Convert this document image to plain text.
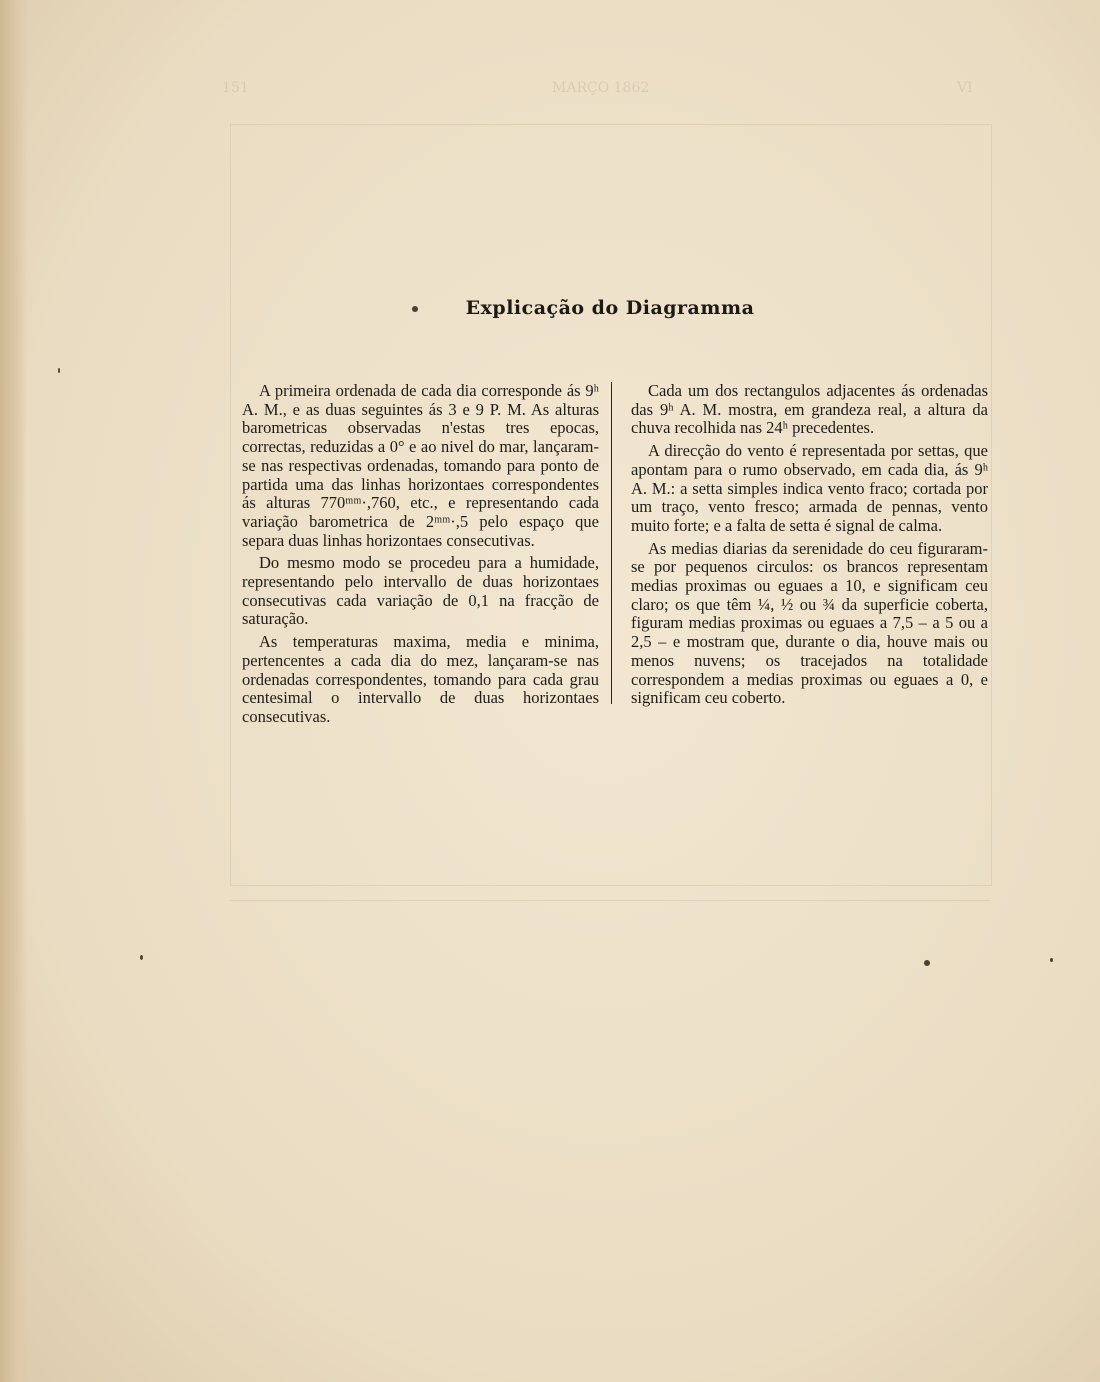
151	MARÇO 1862	VI
Explicação do Diagramma

A primeira ordenada de cada dia corresponde ás 9ʰ A. M., e as duas seguintes ás 3 e 9 P. M. As alturas barometricas observadas n'estas tres epocas, correctas, reduzidas a 0° e ao nivel do mar, lançaram-se nas respectivas ordenadas, tomando para ponto de partida uma das linhas horizontaes correspondentes ás alturas 770ᵐᵐ·,760, etc., e representando cada variação barometrica de 2ᵐᵐ·,5 pelo espaço que separa duas linhas horizontaes consecutivas.

Do mesmo modo se procedeu para a humidade, representando pelo intervallo de duas horizontaes consecutivas cada variação de 0,1 na fracção de saturação.

As temperaturas maxima, media e minima, pertencentes a cada dia do mez, lançaram-se nas ordenadas correspondentes, tomando para cada grau centesimal o intervallo de duas horizontaes consecutivas.

Cada um dos rectangulos adjacentes ás ordenadas das 9ʰ A. M. mostra, em grandeza real, a altura da chuva recolhida nas 24ʰ precedentes.

A direcção do vento é representada por settas, que apontam para o rumo observado, em cada dia, ás 9ʰ A. M.: a setta simples indica vento fraco; cortada por um traço, vento fresco; armada de pennas, vento muito forte; e a falta de setta é signal de calma.

As medias diarias da serenidade do ceu figuraram-se por pequenos circulos: os brancos representam medias proximas ou eguaes a 10, e significam ceu claro; os que têm ¼, ½ ou ¾ da superficie coberta, figuram medias proximas ou eguaes a 7,5 – a 5 ou a 2,5 – e mostram que, durante o dia, houve mais ou menos nuvens; os tracejados na totalidade correspondem a medias proximas ou eguaes a 0, e significam ceu coberto.
